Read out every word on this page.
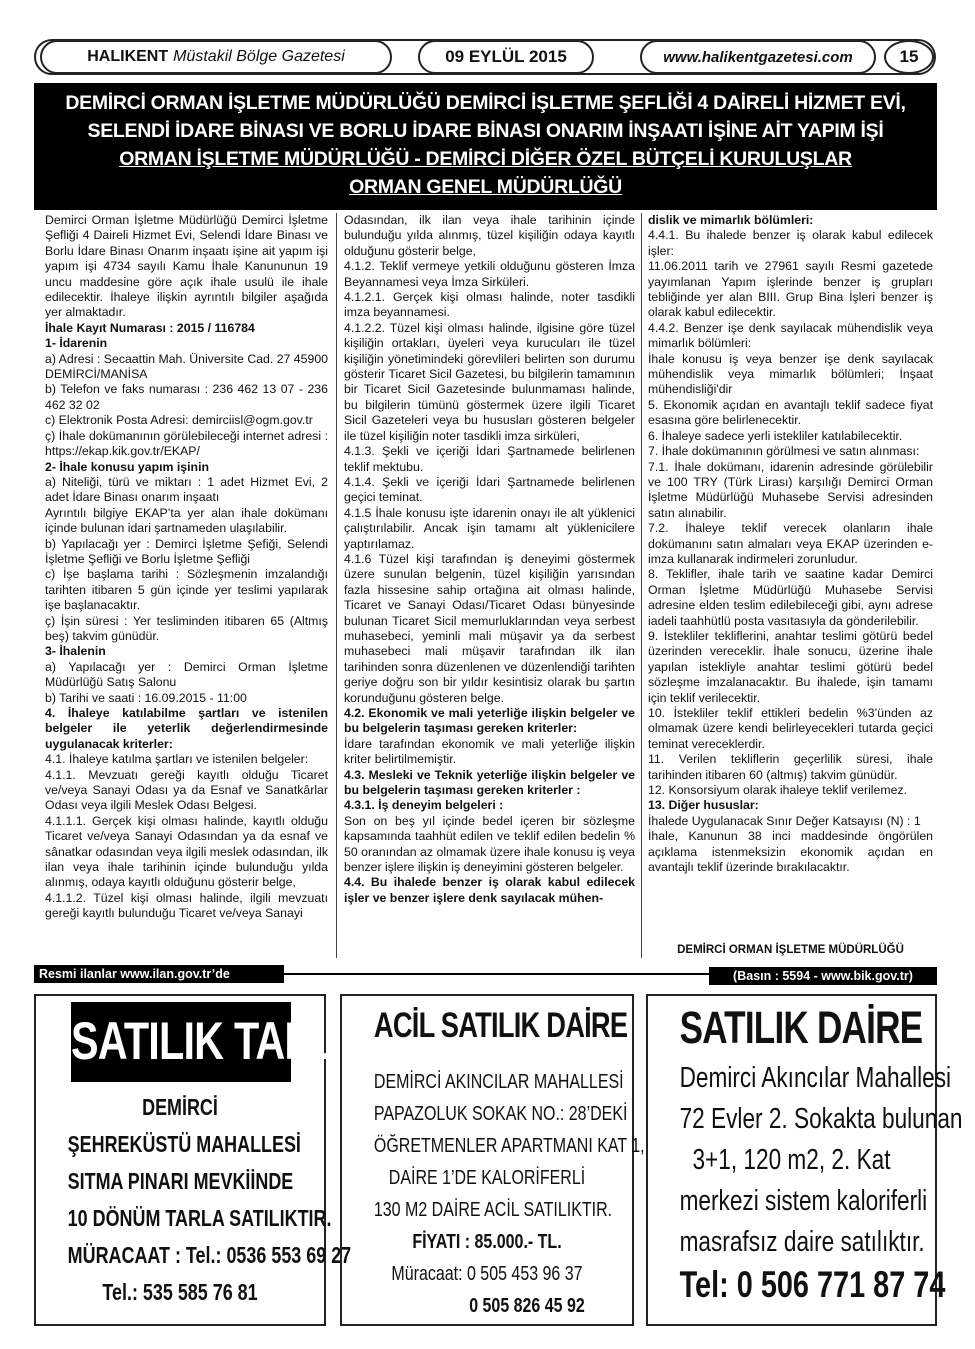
HALIKENT Müstakil Bölge Gazetesi	09 EYLÜL 2015	www.halikentgazetesi.com	15
DEMİRCİ ORMAN İŞLETME MÜDÜRLÜĞÜ DEMİRCİ İŞLETME ŞEFLİĞİ 4 DAİRELİ HİZMET EVİ,
SELENDİ İDARE BİNASI VE BORLU İDARE BİNASI ONARIM İNŞAATI İŞİNE AİT YAPIM İŞİ
ORMAN İŞLETME MÜDÜRLÜĞÜ - DEMİRCİ DİĞER ÖZEL BÜTÇELİ KURULUŞLAR
ORMAN GENEL MÜDÜRLÜĞÜ

Demirci Orman İşletme Müdürlüğü Demirci İşletme Şefliği 4 Daireli Hizmet Evi, Selendi İdare Binası ve Borlu İdare Binası Onarım inşaatı işine ait yapım işi yapım işi 4734 sayılı Kamu İhale Kanununun 19 uncu maddesine göre açık ihale usulü ile ihale edilecektir. İhaleye ilişkin ayrıntılı bilgiler aşağıda yer almaktadır.

İhale Kayıt Numarası : 2015 / 116784

1- İdarenin

a) Adresi : Secaattin Mah. Üniversite Cad. 27 45900 DEMİRCİ/MANİSA

b) Telefon ve faks numarası : 236 462 13 07 - 236 462 32 02

c) Elektronik Posta Adresi: demirciisl@ogm.gov.tr

ç) İhale dokümanının görülebileceği internet adresi : https://ekap.kik.gov.tr/EKAP/

2- İhale konusu yapım işinin

a) Niteliği, türü ve miktarı : 1 adet Hizmet Evi, 2 adet İdare Binası onarım inşaatı

Ayrıntılı bilgiye EKAP’ta yer alan ihale dokümanı içinde bulunan idari şartnameden ulaşılabilir.

b) Yapılacağı yer : Demirci İşletme Şefiği, Selendi İşletme Şefliği ve Borlu İşletme Şefliği

c) İşe başlama tarihi : Sözleşmenin imzalandığı tarihten itibaren 5 gün içinde yer teslimi yapılarak işe başlanacaktır.

ç) İşin süresi : Yer tesliminden itibaren 65 (Altmış beş) takvim günüdür.

3- İhalenin

a) Yapılacağı yer : Demirci Orman İşletme Müdürlüğü Satış Salonu

b) Tarihi ve saati : 16.09.2015 - 11:00

4. İhaleye katılabilme şartları ve istenilen belgeler ile yeterlik değerlendirmesinde uygulanacak kriterler:

4.1. İhaleye katılma şartları ve istenilen belgeler:

4.1.1. Mevzuatı gereği kayıtlı olduğu Ticaret ve/veya Sanayi Odası ya da Esnaf ve Sanatkârlar Odası veya ilgili Meslek Odası Belgesi.

4.1.1.1. Gerçek kişi olması halinde, kayıtlı olduğu Ticaret ve/veya Sanayi Odasından ya da esnaf ve sânatkar odasından veya ilgili meslek odasından, ilk ilan veya ihale tarihinin içinde bulunduğu yılda alınmış, odaya kayıtlı olduğunu gösterir belge,

4.1.1.2. Tüzel kişi olması halinde, ilgili mevzuatı gereği kayıtlı bulunduğu Ticaret ve/veya Sanayi

Odasından, ilk ilan veya ihale tarihinin içinde bulunduğu yılda alınmış, tüzel kişiliğin odaya kayıtlı olduğunu gösterir belge,

4.1.2. Teklif vermeye yetkili olduğunu gösteren İmza Beyannamesi veya İmza Sirküleri.

4.1.2.1. Gerçek kişi olması halinde, noter tasdikli imza beyannamesi.

4.1.2.2. Tüzel kişi olması halinde, ilgisine göre tüzel kişiliğin ortakları, üyeleri veya kurucuları ile tüzel kişiliğin yönetimindeki görevlileri belirten son durumu gösterir Ticaret Sicil Gazetesi, bu bilgilerin tamamının bir Ticaret Sicil Gazetesinde bulunmaması halinde, bu bilgilerin tümünü göstermek üzere ilgili Ticaret Sicil Gazeteleri veya bu hususları gösteren belgeler ile tüzel kişiliğin noter tasdikli imza sirküleri,

4.1.3. Şekli ve içeriği İdari Şartnamede belirlenen teklif mektubu.

4.1.4. Şekli ve içeriği İdari Şartnamede belirlenen geçici teminat.

4.1.5 İhale konusu işte idarenin onayı ile alt yüklenici çalıştırılabilir. Ancak işin tamamı alt yüklenicilere yaptırılamaz.

4.1.6 Tüzel kişi tarafından iş deneyimi göstermek üzere sunulan belgenin, tüzel kişiliğin yarısından fazla hissesine sahip ortağına ait olması halinde, Ticaret ve Sanayi Odası/Ticaret Odası bünyesinde bulunan Ticaret Sicil memurluklarından veya serbest muhasebeci, yeminli mali müşavir ya da serbest muhasebeci mali müşavir tarafından ilk ilan tarihinden sonra düzenlenen ve düzenlendiği tarihten geriye doğru son bir yıldır kesintisiz olarak bu şartın korunduğunu gösteren belge.

4.2. Ekonomik ve mali yeterliğe ilişkin belgeler ve bu belgelerin taşıması gereken kriterler:

İdare tarafından ekonomik ve mali yeterliğe ilişkin kriter belirtilmemiştir.

4.3. Mesleki ve Teknik yeterliğe ilişkin belgeler ve bu belgelerin taşıması gereken kriterler :

4.3.1. İş deneyim belgeleri :

Son on beş yıl içinde bedel içeren bir sözleşme kapsamında taahhüt edilen ve teklif edilen bedelin % 50 oranından az olmamak üzere ihale konusu iş veya benzer işlere ilişkin iş deneyimini gösteren belgeler.

4.4. Bu ihalede benzer iş olarak kabul edilecek işler ve benzer işlere denk sayılacak mühen-

dislik ve mimarlık bölümleri:

4.4.1. Bu ihalede benzer iş olarak kabul edilecek işler:

11.06.2011 tarih ve 27961 sayılı Resmi gazetede yayımlanan Yapım işlerinde benzer iş grupları tebliğinde yer alan BIII. Grup Bina İşleri benzer iş olarak kabul edilecektir.

4.4.2. Benzer işe denk sayılacak mühendislik veya mimarlık bölümleri:

İhale konusu iş veya benzer işe denk sayılacak mühendislik veya mimarlık bölümleri; İnşaat mühendisliği'dir

5. Ekonomik açıdan en avantajlı teklif sadece fiyat esasına göre belirlenecektir.

6. İhaleye sadece yerli istekliler katılabilecektir.

7. İhale dokümanının görülmesi ve satın alınması:

7.1. İhale dokümanı, idarenin adresinde görülebilir ve 100 TRY (Türk Lirası) karşılığı Demirci Orman İşletme Müdürlüğü Muhasebe Servisi adresinden satın alınabilir.

7.2. İhaleye teklif verecek olanların ihale dokümanını satın almaları veya EKAP üzerinden e-imza kullanarak indirmeleri zorunludur.

8. Teklifler, ihale tarih ve saatine kadar Demirci Orman İşletme Müdürlüğü Muhasebe Servisi adresine elden teslim edilebileceği gibi, aynı adrese iadeli taahhütlü posta vasıtasıyla da gönderilebilir.

9. İstekliler tekliflerini, anahtar teslimi götürü bedel üzerinden vereceklir. İhale sonucu, üzerine ihale yapılan istekliyle anahtar teslimi götürü bedel sözleşme imzalanacaktır. Bu ihalede, işin tamamı için teklif verilecektir.

10. İstekliler teklif ettikleri bedelin %3’ünden az olmamak üzere kendi belirleyecekleri tutarda geçici teminat vereceklerdir.

11. Verilen tekliflerin geçerlilik süresi, ihale tarihinden itibaren 60 (altmış) takvim günüdür.

12. Konsorsiyum olarak ihaleye teklif verilemez.

13. Diğer hususlar:

İhalede Uygulanacak Sınır Değer Katsayısı (N) : 1

İhale, Kanunun 38 inci maddesinde öngörülen açıklama istenmeksizin ekonomik açıdan en avantajlı teklif üzerinde bırakılacaktır.

DEMİRCİ ORMAN İŞLETME MÜDÜRLÜĞÜ
Resmi ilanlar www.ilan.gov.tr’de	(Basın : 5594 - www.bik.gov.tr)
SATILIK TARLA
DEMİRCİ
ŞEHREKÜSTÜ MAHALLESİ
SITMA PINARI MEVKİİNDE
10 DÖNÜM TARLA SATILIKTIR.
MÜRACAAT : Tel.: 0536 553 69 27
Tel.: 535 585 76 81
ACİL SATILIK DAİRE
DEMİRCİ AKINCILAR MAHALLESİ
PAPAZOLUK SOKAK NO.: 28’DEKİ
ÖĞRETMENLER APARTMANI KAT 1,
DAİRE 1’DE KALORİFERLİ
130 M2 DAİRE ACİL SATILIKTIR.
FİYATI : 85.000.- TL.
Müracaat: 0 505 453 96 37
0 505 826 45 92
SATILIK DAİRE
Demirci Akıncılar Mahallesi
72 Evler 2. Sokakta bulunan
3+1, 120 m2, 2. Kat
merkezi sistem kaloriferli
masrafsız daire satılıktır.
Tel: 0 506 771 87 74
